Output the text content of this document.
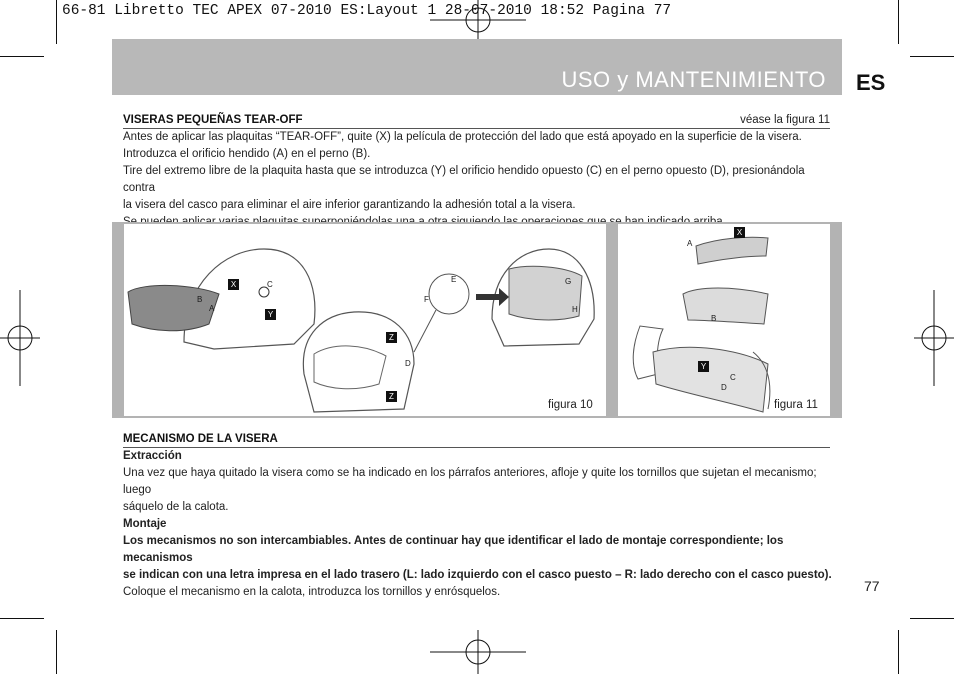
66-81 Libretto TEC APEX 07-2010 ES:Layout 1 28-07-2010 18:52 Pagina 77
USO y MANTENIMIENTO ES
VISERAS PEQUEÑAS TEAR-OFF	véase la figura 11
Antes de aplicar las plaquitas “TEAR-OFF”, quite (X) la película de protección del lado que está apoyado en la superficie de la visera.
Introduzca el orificio hendido (A) en el perno (B).
Tire del extremo libre de la plaquita hasta que se introduzca (Y) el orificio hendido opuesto (C) en el perno opuesto (D), presionándola contra
la visera del casco para eliminar el aire inferior garantizando la adhesión total a la visera.
X
B
A
C
Y
Z
D
Z
E
F
G
H
figura 10
A
X
B
Y
C
D
figura 11
MECANISMO DE LA VISERA
Extracción
Una vez que haya quitado la visera como se ha indicado en los párrafos anteriores, afloje y quite los tornillos que sujetan el mecanismo; luego
sáquelo de la calota.
Montaje
Los mecanismos no son intercambiables. Antes de continuar hay que identificar el lado de montaje correspondiente; los mecanismos
se indican con una letra impresa en el lado trasero (L: lado izquierdo con el casco puesto – R: lado derecho con el casco puesto).
Coloque el mecanismo en la calota, introduzca los tornillos y enrósquelos.	77
